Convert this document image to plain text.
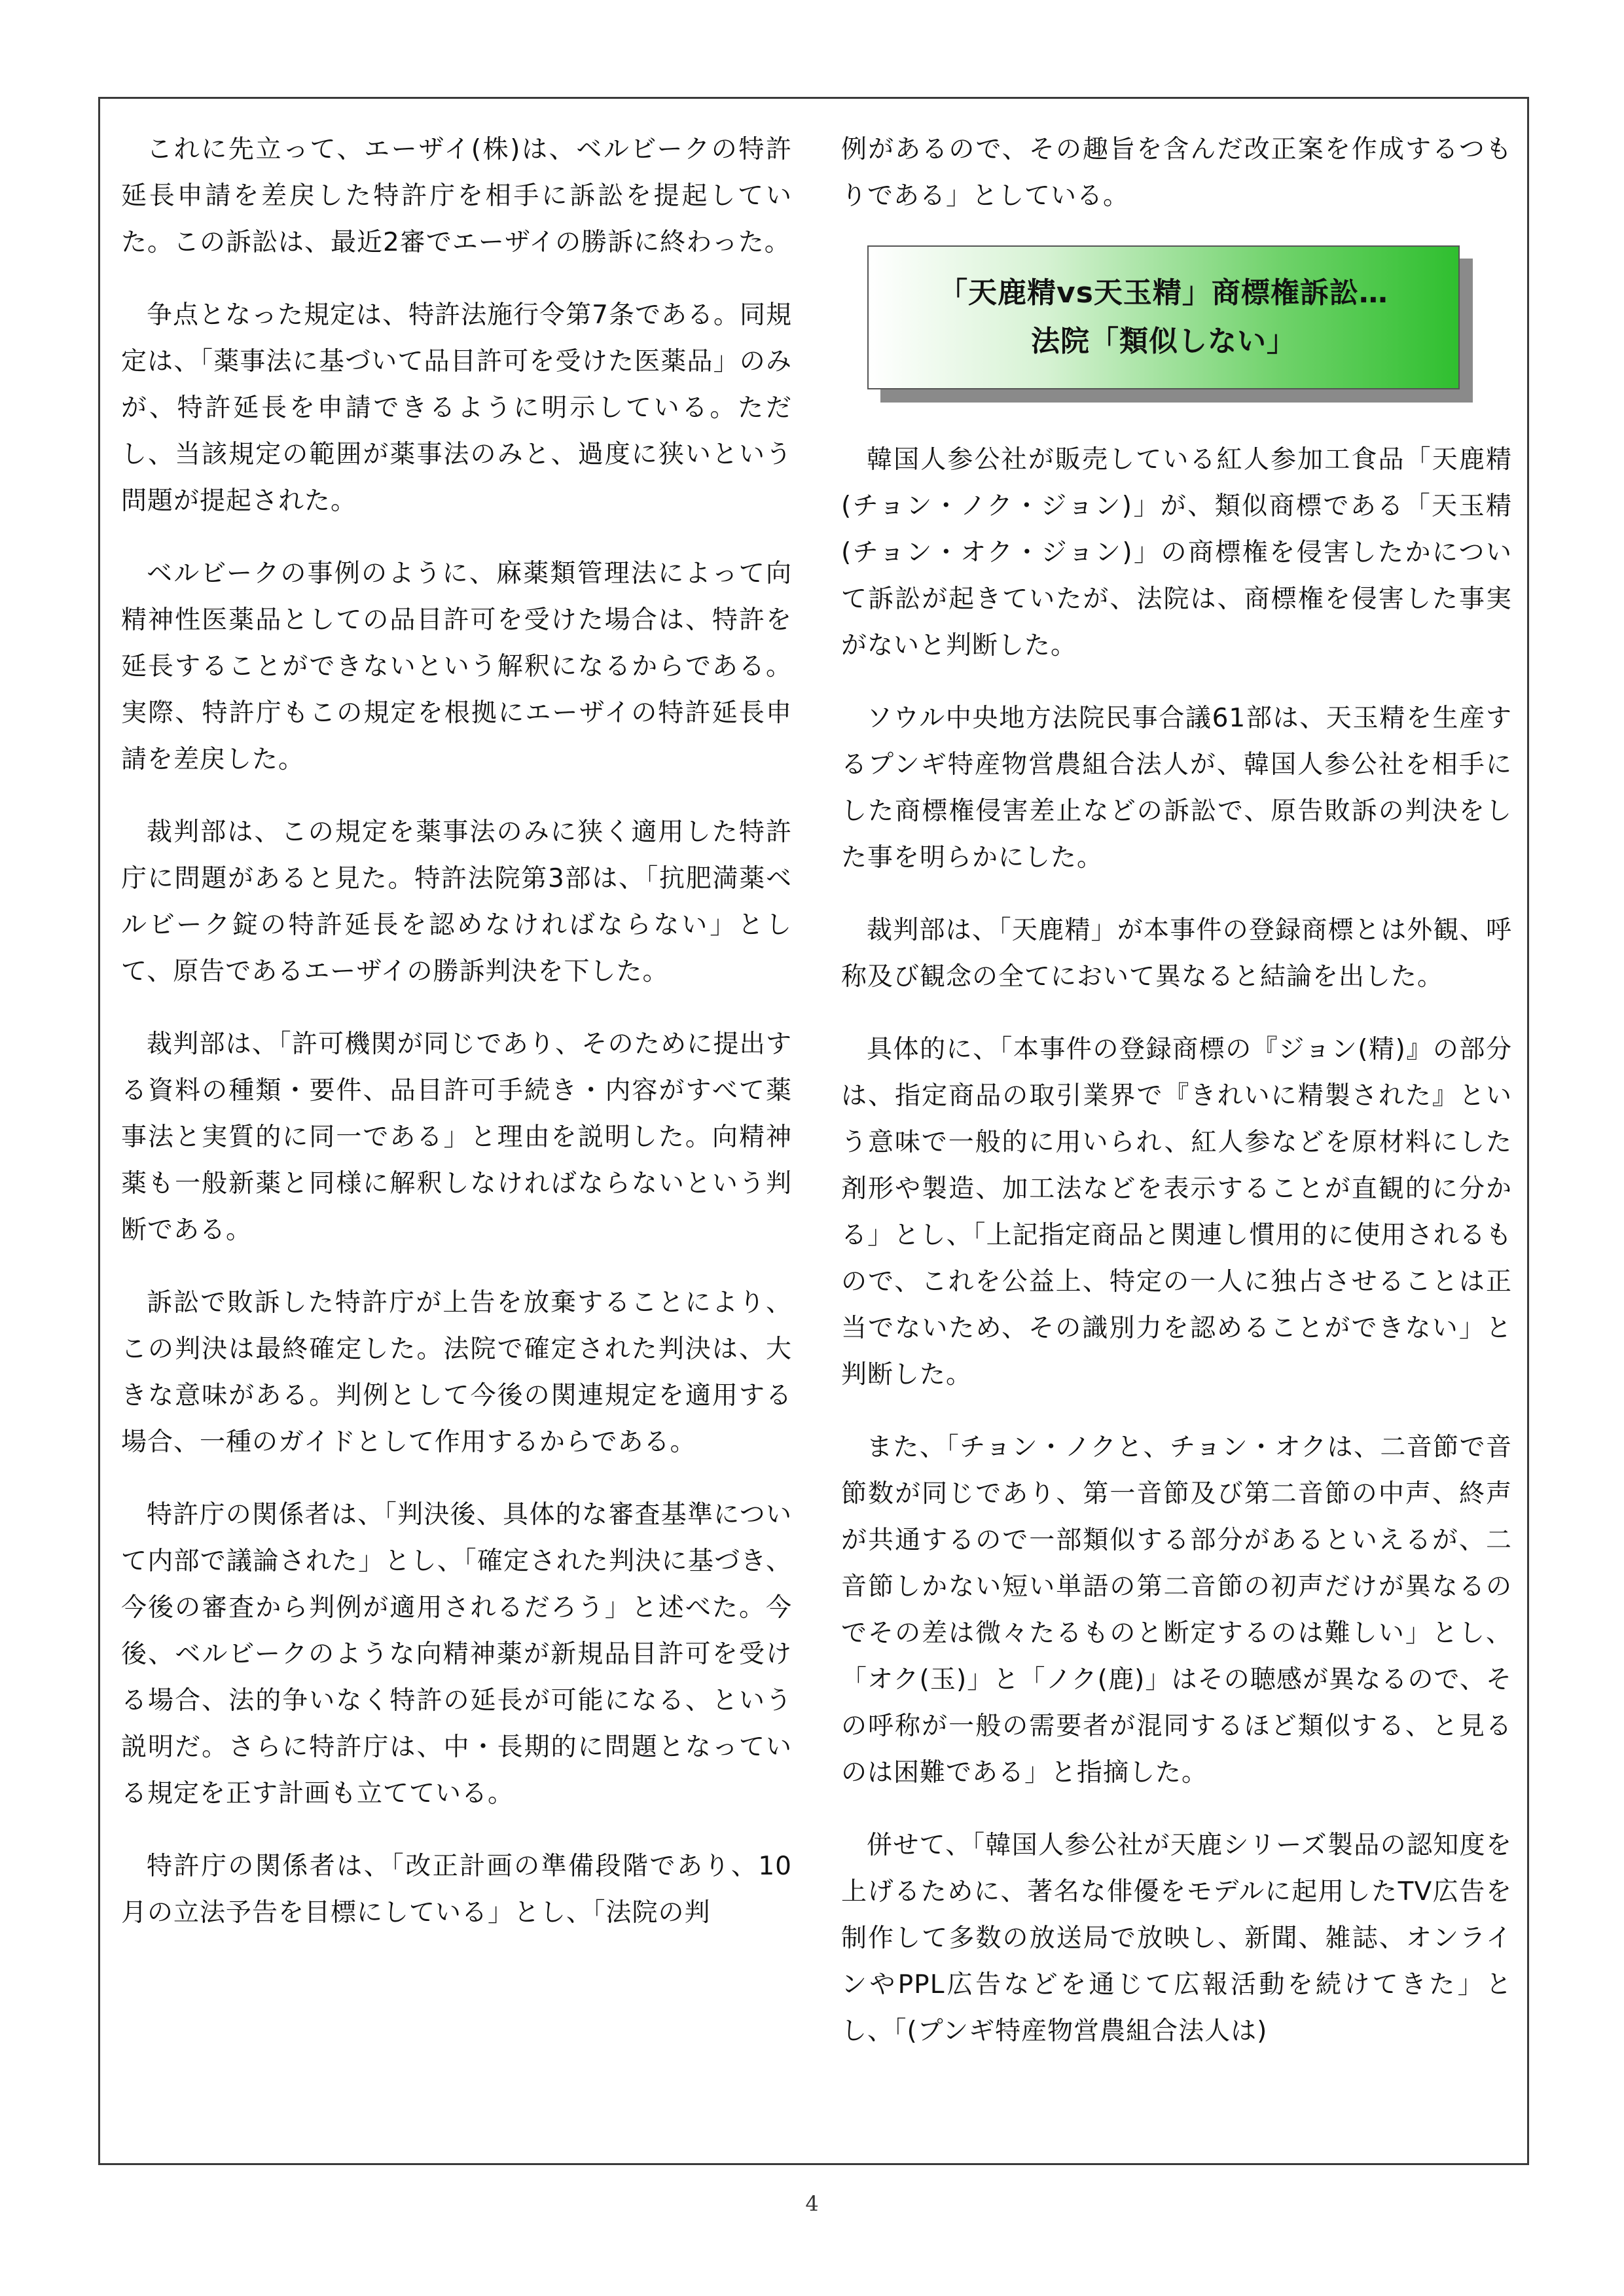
これに先立って、エーザイ(株)は、ベルビークの特許延長申請を差戻した特許庁を相手に訴訟を提起していた。この訴訟は、最近2審でエーザイの勝訴に終わった。

争点となった規定は、特許法施行令第7条である。同規定は、「薬事法に基づいて品目許可を受けた医薬品」のみが、特許延長を申請できるように明示している。ただし、当該規定の範囲が薬事法のみと、過度に狭いという問題が提起された。

ベルビークの事例のように、麻薬類管理法によって向精神性医薬品としての品目許可を受けた場合は、特許を延長することができないという解釈になるからである。実際、特許庁もこの規定を根拠にエーザイの特許延長申請を差戻した。

裁判部は、この規定を薬事法のみに狭く適用した特許庁に問題があると見た。特許法院第3部は、「抗肥満薬ベルビーク錠の特許延長を認めなければならない」として、原告であるエーザイの勝訴判決を下した。

裁判部は、「許可機関が同じであり、そのために提出する資料の種類・要件、品目許可手続き・内容がすべて薬事法と実質的に同一である」と理由を説明した。向精神薬も一般新薬と同様に解釈しなければならないという判断である。

訴訟で敗訴した特許庁が上告を放棄することにより、この判決は最終確定した。法院で確定された判決は、大きな意味がある。判例として今後の関連規定を適用する場合、一種のガイドとして作用するからである。

特許庁の関係者は、「判決後、具体的な審査基準について内部で議論された」とし、「確定された判決に基づき、今後の審査から判例が適用されるだろう」と述べた。今後、ベルビークのような向精神薬が新規品目許可を受ける場合、法的争いなく特許の延長が可能になる、という説明だ。さらに特許庁は、中・長期的に問題となっている規定を正す計画も立てている。

特許庁の関係者は、「改正計画の準備段階であり、10月の立法予告を目標にしている」とし、「法院の判

例があるので、その趣旨を含んだ改正案を作成するつもりである」としている。

「天鹿精vs天玉精」商標権訴訟…
法院「類似しない」

韓国人参公社が販売している紅人参加工食品「天鹿精(チョン・ノク・ジョン)」が、類似商標である「天玉精(チョン・オク・ジョン)」の商標権を侵害したかについて訴訟が起きていたが、法院は、商標権を侵害した事実がないと判断した。

ソウル中央地方法院民事合議61部は、天玉精を生産するプンギ特産物営農組合法人が、韓国人参公社を相手にした商標権侵害差止などの訴訟で、原告敗訴の判決をした事を明らかにした。

裁判部は、「天鹿精」が本事件の登録商標とは外観、呼称及び観念の全てにおいて異なると結論を出した。

具体的に、「本事件の登録商標の『ジョン(精)』の部分は、指定商品の取引業界で『きれいに精製された』という意味で一般的に用いられ、紅人参などを原材料にした剤形や製造、加工法などを表示することが直観的に分かる」とし、「上記指定商品と関連し慣用的に使用されるもので、これを公益上、特定の一人に独占させることは正当でないため、その識別力を認めることができない」と判断した。

また、「チョン・ノクと、チョン・オクは、二音節で音節数が同じであり、第一音節及び第二音節の中声、終声が共通するので一部類似する部分があるといえるが、二音節しかない短い単語の第二音節の初声だけが異なるのでその差は微々たるものと断定するのは難しい」とし、「オク(玉)」と「ノク(鹿)」はその聴感が異なるので、その呼称が一般の需要者が混同するほど類似する、と見るのは困難である」と指摘した。

併せて、「韓国人参公社が天鹿シリーズ製品の認知度を上げるために、著名な俳優をモデルに起用したTV広告を制作して多数の放送局で放映し、新聞、雑誌、オンラインやPPL広告などを通じて広報活動を続けてきた」とし、「(プンギ特産物営農組合法人は)

4
